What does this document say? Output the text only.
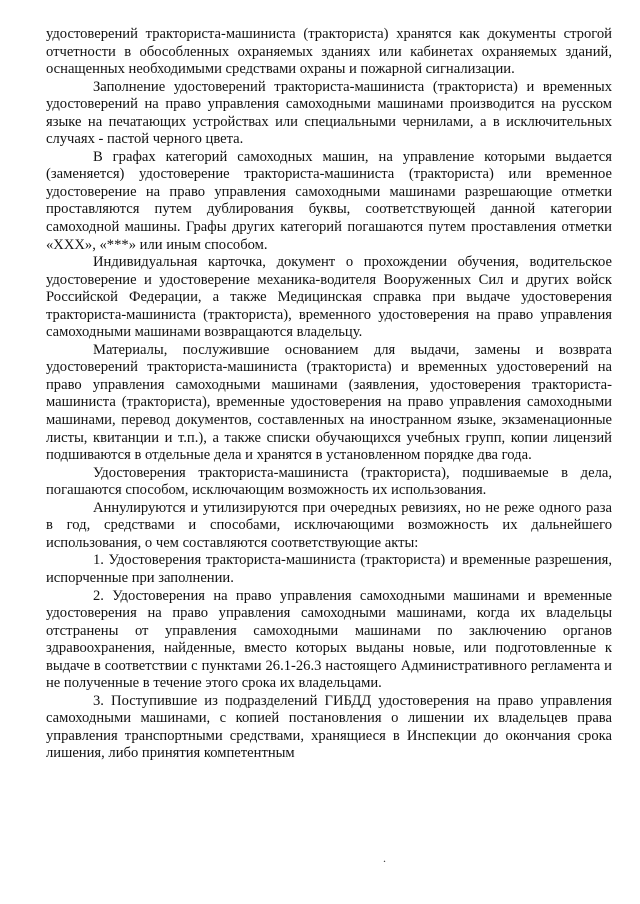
удостоверений тракториста-машиниста (тракториста) хранятся как документы строгой отчетности в обособленных охраняемых зданиях или кабинетах охраняемых зданий, оснащенных необходимыми средствами охраны и пожарной сигнализации.

Заполнение удостоверений тракториста-машиниста (тракториста) и временных удостоверений на право управления самоходными машинами производится на русском языке на печатающих устройствах или специальными чернилами, а в исключительных случаях - пастой черного цвета.

В графах категорий самоходных машин, на управление которыми выдается (заменяется) удостоверение тракториста-машиниста (тракториста) или временное удостоверение на право управления самоходными машинами разрешающие отметки проставляются путем дублирования буквы, соответствующей данной категории самоходной машины. Графы других категорий погашаются путем проставления отметки «ХХХ», «***» или иным способом.

Индивидуальная карточка, документ о прохождении обучения, водительское удостоверение и удостоверение механика-водителя Вооруженных Сил и других войск Российской Федерации, а также Медицинская справка при выдаче удостоверения тракториста-машиниста (тракториста), временного удостоверения на право управления самоходными машинами возвращаются владельцу.

Материалы, послужившие основанием для выдачи, замены и возврата удостоверений тракториста-машиниста (тракториста) и временных удостоверений на право управления самоходными машинами (заявления, удостоверения тракториста-машиниста (тракториста), временные удостоверения на право управления самоходными машинами, перевод документов, составленных на иностранном языке, экзаменационные листы, квитанции и т.п.), а также списки обучающихся учебных групп, копии лицензий подшиваются в отдельные дела и хранятся в установленном порядке два года.

Удостоверения тракториста-машиниста (тракториста), подшиваемые в дела, погашаются способом, исключающим возможность их использования.

Аннулируются и утилизируются при очередных ревизиях, но не реже одного раза в год, средствами и способами, исключающими возможность их дальнейшего использования, о чем составляются соответствующие акты:

1. Удостоверения тракториста-машиниста (тракториста) и временные разрешения, испорченные при заполнении.

2. Удостоверения на право управления самоходными машинами и временные удостоверения на право управления самоходными машинами, когда их владельцы отстранены от управления самоходными машинами по заключению органов здравоохранения, найденные, вместо которых выданы новые, или подготовленные к выдаче в соответствии с пунктами 26.1-26.3 настоящего Административного регламента и не полученные в течение этого срока их владельцами.

3. Поступившие из подразделений ГИБДД удостоверения на право управления самоходными машинами, с копией постановления о лишении их владельцев права управления транспортными средствами, хранящиеся в Инспекции до окончания срока лишения, либо принятия компетентным

.
